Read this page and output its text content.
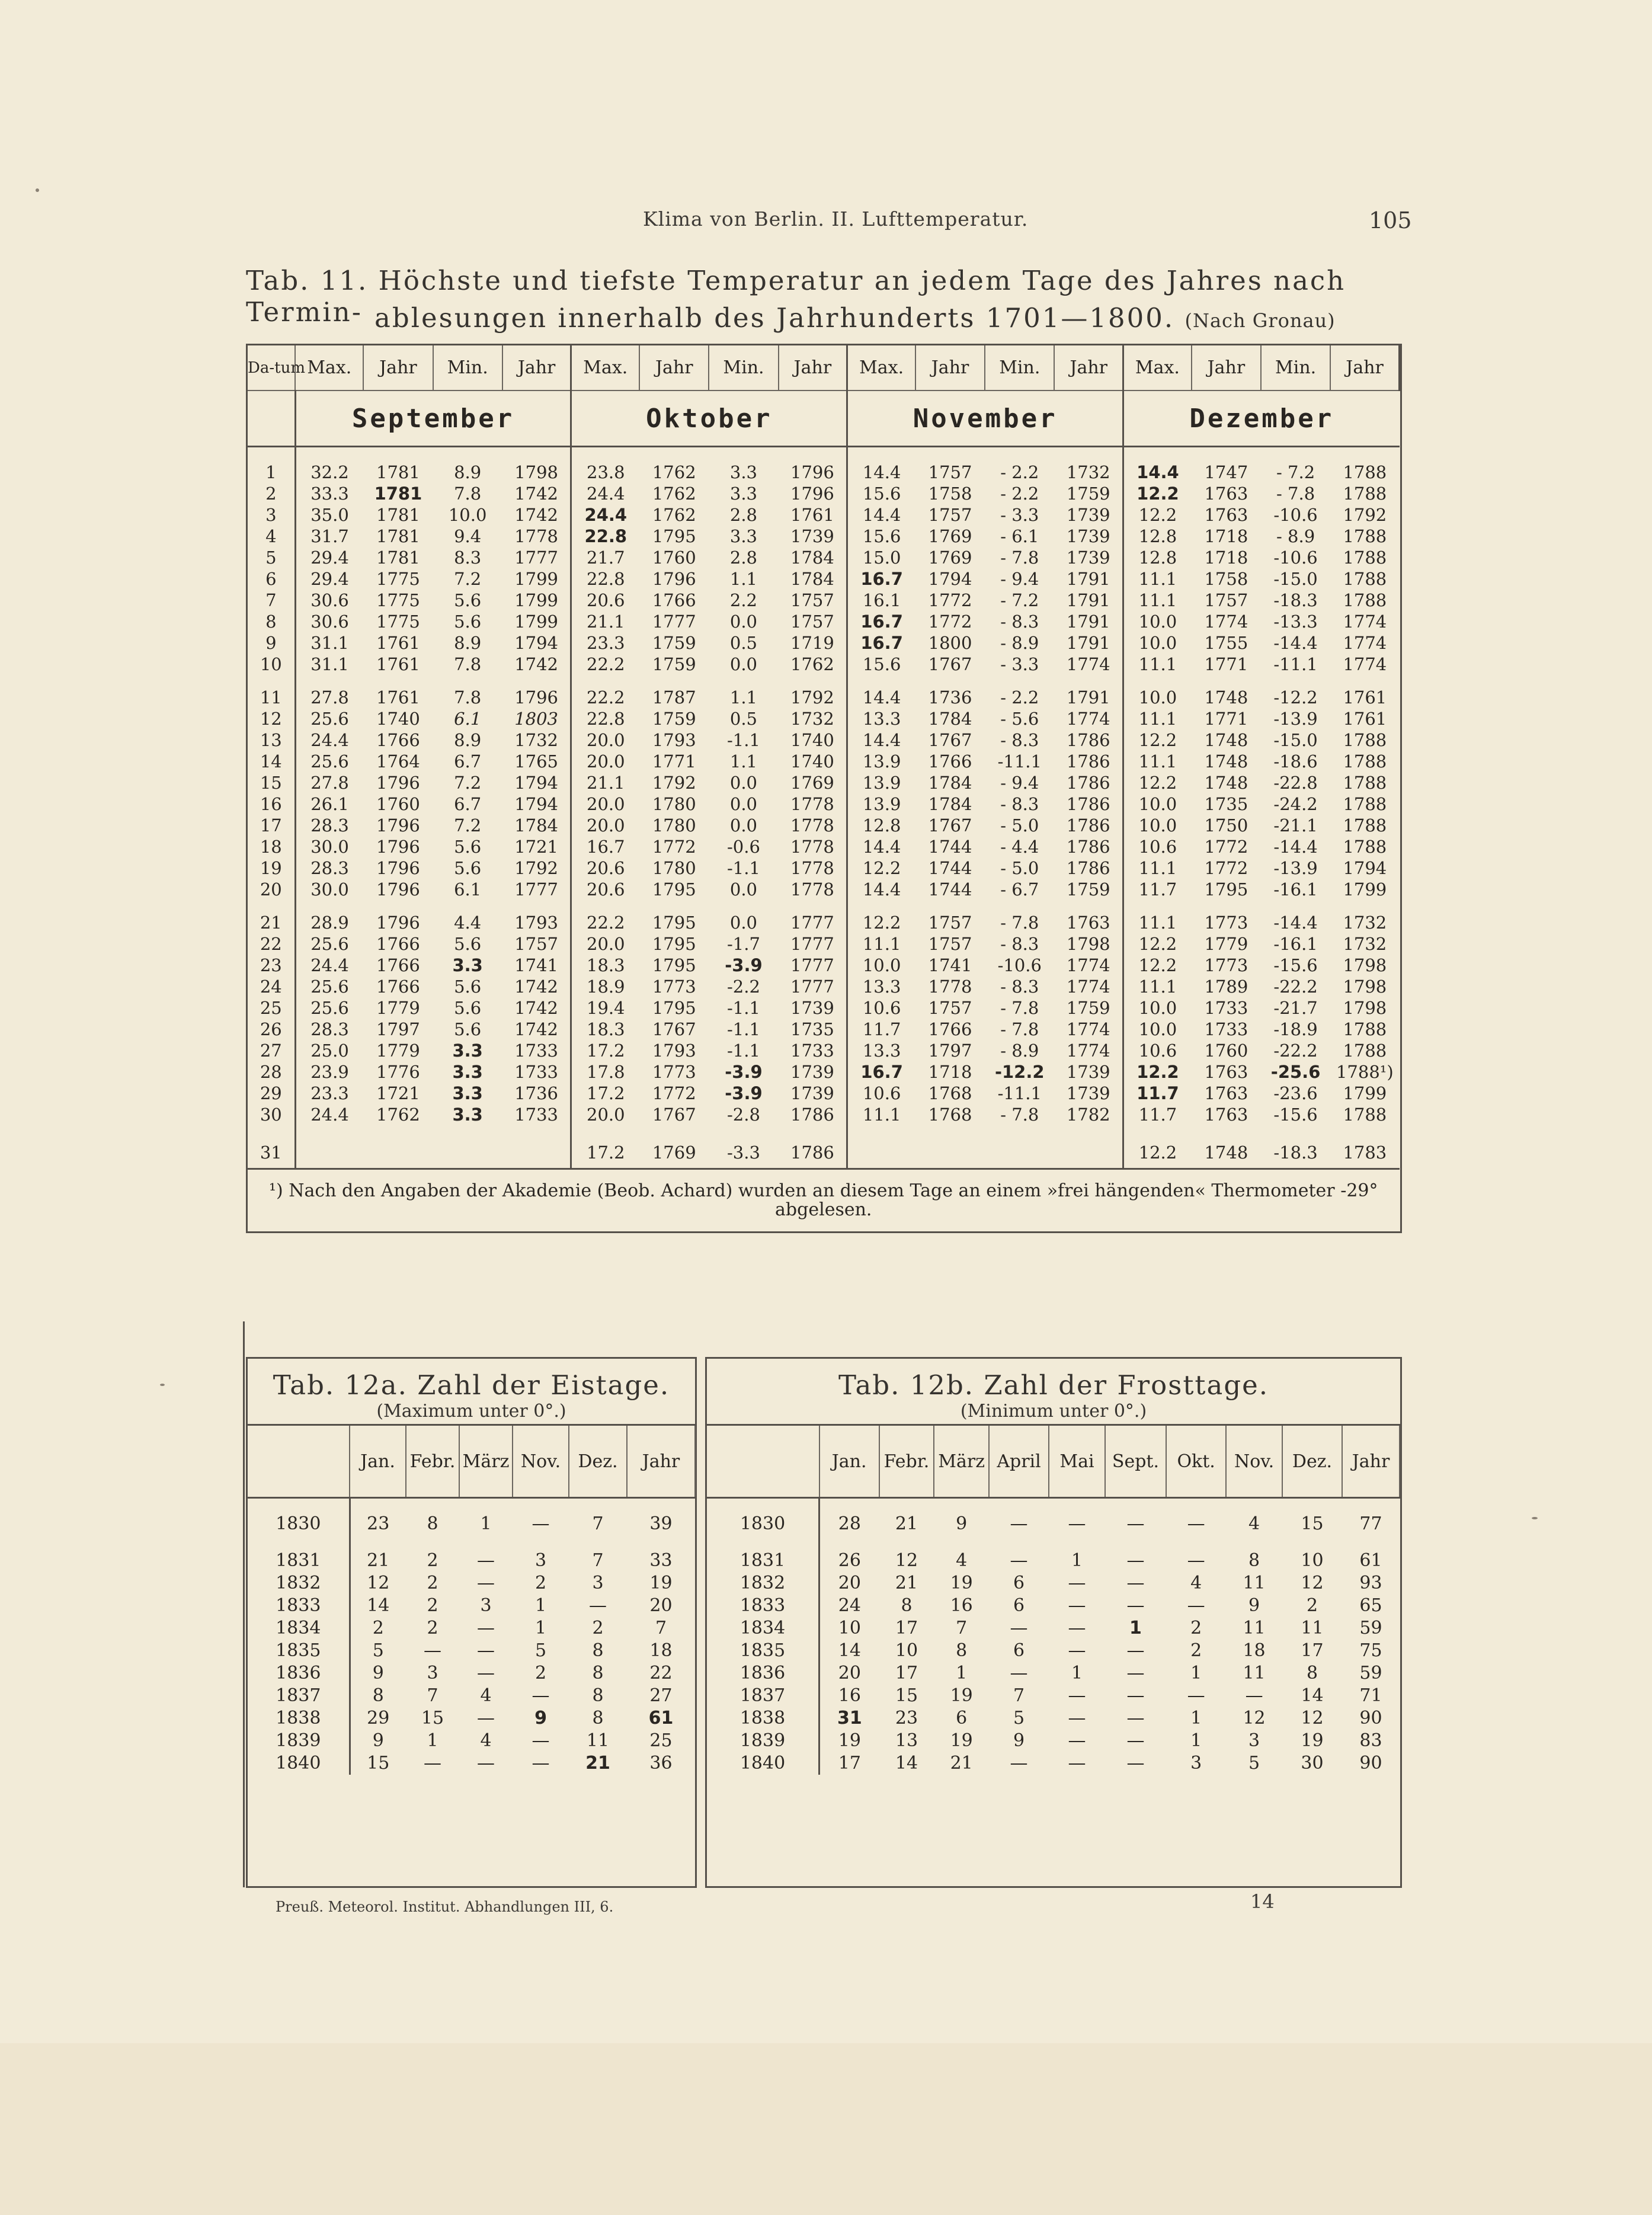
Klima von Berlin. II. Lufttemperatur.	105
Tab. 11. Höchste und tiefste Temperatur an jedem Tage des Jahres nach Termin- ablesungen innerhalb des Jahrhunderts 1701—1800. (Nach Gronau)
Da-tum	Max.	Jahr	Min.	Jahr	Max.	Jahr	Min.	Jahr	Max.	Jahr	Min.	Jahr	Max.	Jahr	Min.	Jahr
	September				Oktober				November				Dezember			

1	32.2	1781	8.9	1798	23.8	1762	3.3	1796	14.4	1757	- 2.2	1732	14.4	1747	- 7.2	1788
2	33.3	1781	7.8	1742	24.4	1762	3.3	1796	15.6	1758	- 2.2	1759	12.2	1763	- 7.8	1788
3	35.0	1781	10.0	1742	24.4	1762	2.8	1761	14.4	1757	- 3.3	1739	12.2	1763	-10.6	1792
4	31.7	1781	9.4	1778	22.8	1795	3.3	1739	15.6	1769	- 6.1	1739	12.8	1718	- 8.9	1788
5	29.4	1781	8.3	1777	21.7	1760	2.8	1784	15.0	1769	- 7.8	1739	12.8	1718	-10.6	1788
6	29.4	1775	7.2	1799	22.8	1796	1.1	1784	16.7	1794	- 9.4	1791	11.1	1758	-15.0	1788
7	30.6	1775	5.6	1799	20.6	1766	2.2	1757	16.1	1772	- 7.2	1791	11.1	1757	-18.3	1788
8	30.6	1775	5.6	1799	21.1	1777	0.0	1757	16.7	1772	- 8.3	1791	10.0	1774	-13.3	1774
9	31.1	1761	8.9	1794	23.3	1759	0.5	1719	16.7	1800	- 8.9	1791	10.0	1755	-14.4	1774
10	31.1	1761	7.8	1742	22.2	1759	0.0	1762	15.6	1767	- 3.3	1774	11.1	1771	-11.1	1774

11	27.8	1761	7.8	1796	22.2	1787	1.1	1792	14.4	1736	- 2.2	1791	10.0	1748	-12.2	1761
12	25.6	1740	6.1	1803	22.8	1759	0.5	1732	13.3	1784	- 5.6	1774	11.1	1771	-13.9	1761
13	24.4	1766	8.9	1732	20.0	1793	-1.1	1740	14.4	1767	- 8.3	1786	12.2	1748	-15.0	1788
14	25.6	1764	6.7	1765	20.0	1771	1.1	1740	13.9	1766	-11.1	1786	11.1	1748	-18.6	1788
15	27.8	1796	7.2	1794	21.1	1792	0.0	1769	13.9	1784	- 9.4	1786	12.2	1748	-22.8	1788
16	26.1	1760	6.7	1794	20.0	1780	0.0	1778	13.9	1784	- 8.3	1786	10.0	1735	-24.2	1788
17	28.3	1796	7.2	1784	20.0	1780	0.0	1778	12.8	1767	- 5.0	1786	10.0	1750	-21.1	1788
18	30.0	1796	5.6	1721	16.7	1772	-0.6	1778	14.4	1744	- 4.4	1786	10.6	1772	-14.4	1788
19	28.3	1796	5.6	1792	20.6	1780	-1.1	1778	12.2	1744	- 5.0	1786	11.1	1772	-13.9	1794
20	30.0	1796	6.1	1777	20.6	1795	0.0	1778	14.4	1744	- 6.7	1759	11.7	1795	-16.1	1799

21	28.9	1796	4.4	1793	22.2	1795	0.0	1777	12.2	1757	- 7.8	1763	11.1	1773	-14.4	1732
22	25.6	1766	5.6	1757	20.0	1795	-1.7	1777	11.1	1757	- 8.3	1798	12.2	1779	-16.1	1732
23	24.4	1766	3.3	1741	18.3	1795	-3.9	1777	10.0	1741	-10.6	1774	12.2	1773	-15.6	1798
24	25.6	1766	5.6	1742	18.9	1773	-2.2	1777	13.3	1778	- 8.3	1774	11.1	1789	-22.2	1798
25	25.6	1779	5.6	1742	19.4	1795	-1.1	1739	10.6	1757	- 7.8	1759	10.0	1733	-21.7	1798
26	28.3	1797	5.6	1742	18.3	1767	-1.1	1735	11.7	1766	- 7.8	1774	10.0	1733	-18.9	1788
27	25.0	1779	3.3	1733	17.2	1793	-1.1	1733	13.3	1797	- 8.9	1774	10.6	1760	-22.2	1788
28	23.9	1776	3.3	1733	17.8	1773	-3.9	1739	16.7	1718	-12.2	1739	12.2	1763	-25.6	1788¹)
29	23.3	1721	3.3	1736	17.2	1772	-3.9	1739	10.6	1768	-11.1	1739	11.7	1763	-23.6	1799
30	24.4	1762	3.3	1733	20.0	1767	-2.8	1786	11.1	1768	- 7.8	1782	11.7	1763	-15.6	1788

31					17.2	1769	-3.3	1786					12.2	1748	-18.3	1783
¹) Nach den Angaben der Akademie (Beob. Achard) wurden an diesem Tage an einem »frei hängenden« Thermometer -29° abgelesen.																
Tab. 12a. Zahl der Eistage.
(Maximum unter 0°.)
	Jan.	Febr.	März	Nov.	Dez.	Jahr
1830	23	8	1	—	7	39
1831	21	2	—	3	7	33
1832	12	2	—	2	3	19
1833	14	2	3	1	—	20
1834	2	2	—	1	2	7
1835	5	—	—	5	8	18
1836	9	3	—	2	8	22
1837	8	7	4	—	8	27
1838	29	15	—	9	8	61
1839	9	1	4	—	11	25
1840	15	—	—	—	21	36
Tab. 12b. Zahl der Frosttage.
(Minimum unter 0°.)
	Jan.	Febr.	März	April	Mai	Sept.	Okt.	Nov.	Dez.	Jahr
1830	28	21	9	—	—	—	—	4	15	77
1831	26	12	4	—	1	—	—	8	10	61
1832	20	21	19	6	—	—	4	11	12	93
1833	24	8	16	6	—	—	—	9	2	65
1834	10	17	7	—	—	1	2	11	11	59
1835	14	10	8	6	—	—	2	18	17	75
1836	20	17	1	—	1	—	1	11	8	59
1837	16	15	19	7	—	—	—	—	14	71
1838	31	23	6	5	—	—	1	12	12	90
1839	19	13	19	9	—	—	1	3	19	83
1840	17	14	21	—	—	—	3	5	30	90
Preuß. Meteorol. Institut. Abhandlungen III, 6.	14
